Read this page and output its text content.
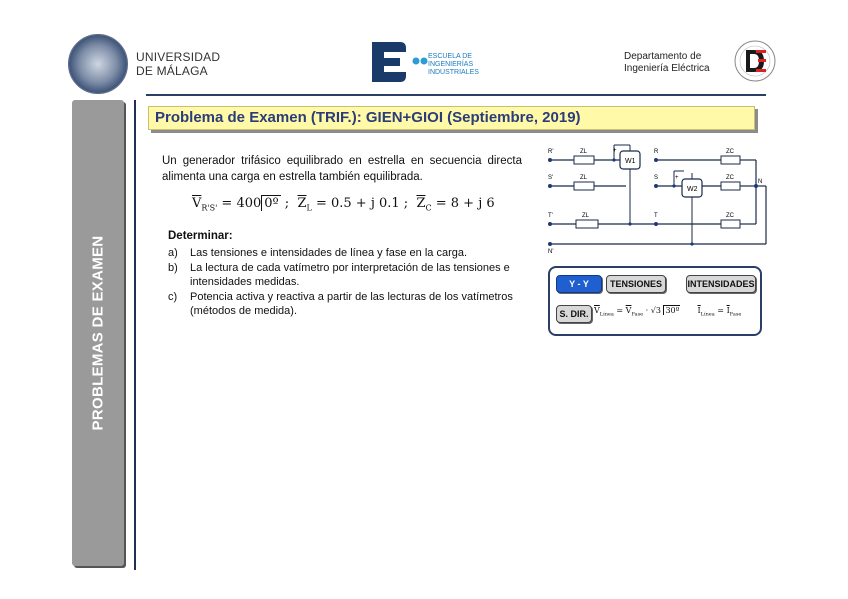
UNIVERSIDAD
DE MÁLAGA
ESCUELA DE
INGENIERÍAS
INDUSTRIALES
Departamento de
Ingeniería Eléctrica
PROBLEMAS DE EXAMEN
Problema de Examen (TRIF.): GIEN+GIOI (Septiembre, 2019)
Un generador trifásico equilibrado en estrella en secuencia directa alimenta una carga en estrella también equilibrada.
$\overline{V}_{R'S'} = 400$ 0º ;  $\overline{Z}_L = 0.5 + j$ 0.1 ;  $\overline{Z}_C = 8 + j$ 6
Determinar:
a) Las tensiones e intensidades de línea y fase en la carga.
b) La lectura de cada vatímetro por interpretación de las tensiones e intensidades medidas.
c) Potencia activa y reactiva a partir de las lecturas de los vatímetros (métodos de medida).
W1
W2
+
+
R'
S'
T'
N'
R
S
T
N
ZL
ZL
ZL
ZC
ZC
ZC
Y - Y	TENSIONES	INTENSIDADES
S. DIR. $\overline{V}_{Línea} = \overline{V}_{Fase} \cdot √3$ 30º $\overline{I}_{Línea} = \overline{I}_{Fase}$
